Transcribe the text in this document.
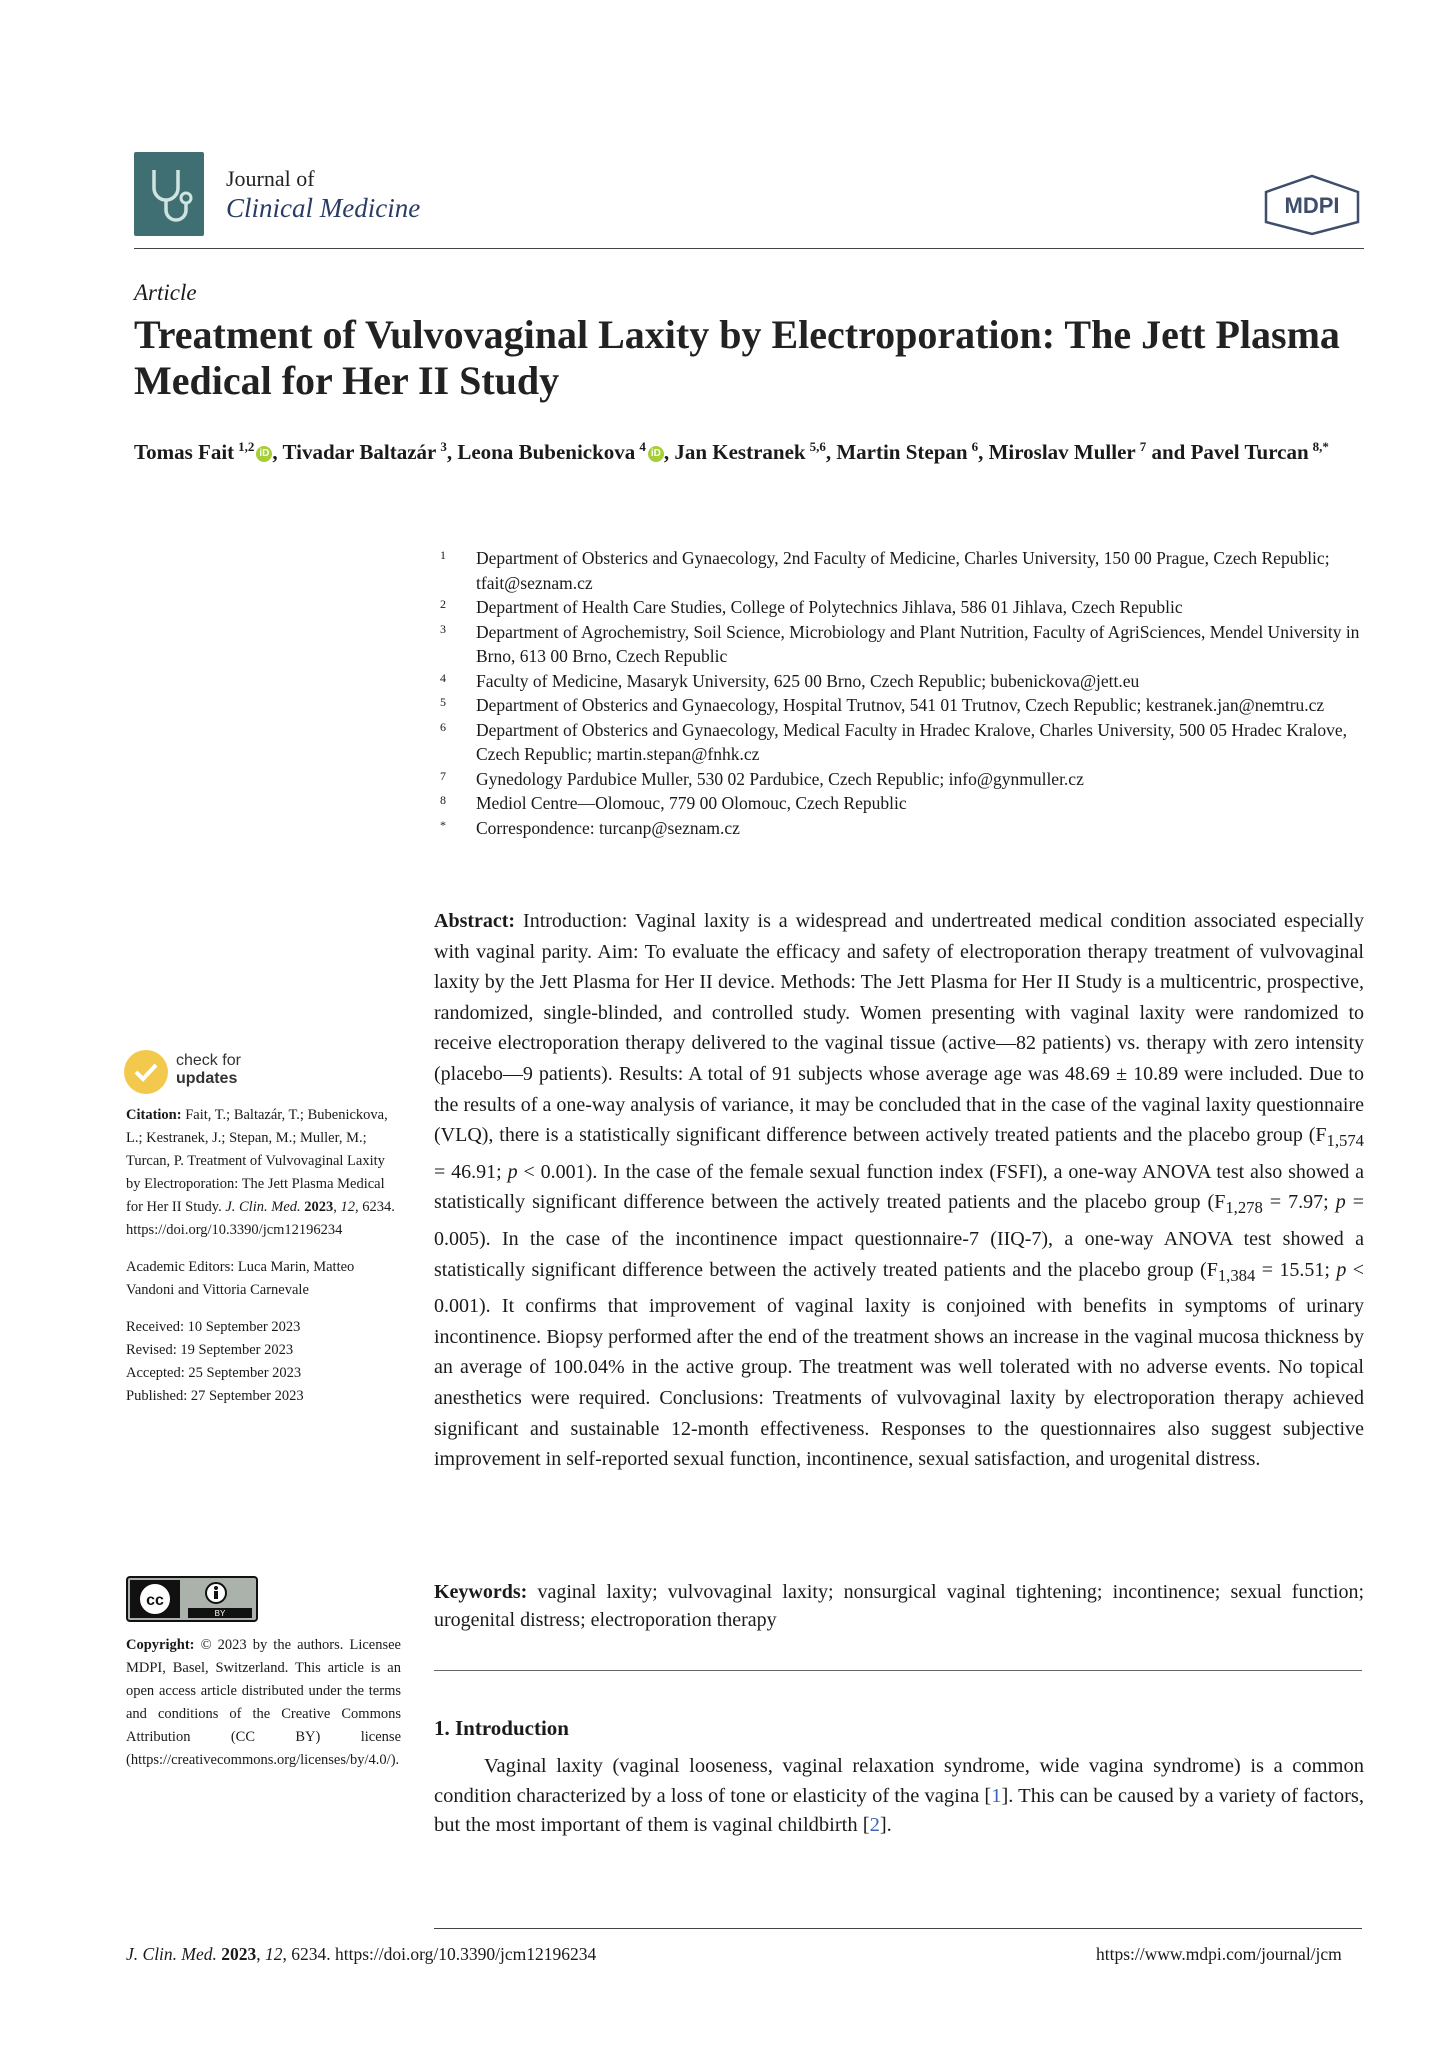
Journal of
Clinical Medicine	MDPI
Article
Treatment of Vulvovaginal Laxity by Electroporation: The Jett Plasma Medical for Her II Study
Tomas Fait $^{1,2}$ iD , Tivadar Baltazár $^3$, Leona Bubenickova $^4$ iD , Jan Kestranek $^{5,6}$, Martin Stepan $^6$, Miroslav Muller $^7$ and Pavel Turcan $^{8,*}$
1	Department of Obsterics and Gynaecology, 2nd Faculty of Medicine, Charles University, 150 00 Prague, Czech Republic; tfait@seznam.cz
2	Department of Health Care Studies, College of Polytechnics Jihlava, 586 01 Jihlava, Czech Republic
3	Department of Agrochemistry, Soil Science, Microbiology and Plant Nutrition, Faculty of AgriSciences, Mendel University in Brno, 613 00 Brno, Czech Republic
4	Faculty of Medicine, Masaryk University, 625 00 Brno, Czech Republic; bubenickova@jett.eu
5	Department of Obsterics and Gynaecology, Hospital Trutnov, 541 01 Trutnov, Czech Republic; kestranek.jan@nemtru.cz
6	Department of Obsterics and Gynaecology, Medical Faculty in Hradec Kralove, Charles University, 500 05 Hradec Kralove, Czech Republic; martin.stepan@fnhk.cz
7	Gynedology Pardubice Muller, 530 02 Pardubice, Czech Republic; info@gynmuller.cz
8	Mediol Centre—Olomouc, 779 00 Olomouc, Czech Republic
*	Correspondence: turcanp@seznam.cz
Abstract: Introduction: Vaginal laxity is a widespread and undertreated medical condition associated especially with vaginal parity. Aim: To evaluate the efficacy and safety of electroporation therapy treatment of vulvovaginal laxity by the Jett Plasma for Her II device. Methods: The Jett Plasma for Her II Study is a multicentric, prospective, randomized, single-blinded, and controlled study. Women presenting with vaginal laxity were randomized to receive electroporation therapy delivered to the vaginal tissue (active—82 patients) vs. therapy with zero intensity (placebo—9 patients). Results: A total of 91 subjects whose average age was 48.69 ± 10.89 were included. Due to the results of a one-way analysis of variance, it may be concluded that in the case of the vaginal laxity questionnaire (VLQ), there is a statistically significant difference between actively treated patients and the placebo group ($F_{1,574} = 46.91$; p < 0.001). In the case of the female sexual function index (FSFI), a one-way ANOVA test also showed a statistically significant difference between the actively treated patients and the placebo group ($F_{1,278} = 7.97$; p = 0.005). In the case of the incontinence impact questionnaire-7 (IIQ-7), a one-way ANOVA test showed a statistically significant difference between the actively treated patients and the placebo group ($F_{1,384} = 15.51$; p < 0.001). It confirms that improvement of vaginal laxity is conjoined with benefits in symptoms of urinary incontinence. Biopsy performed after the end of the treatment shows an increase in the vaginal mucosa thickness by an average of 100.04% in the active group. The treatment was well tolerated with no adverse events. No topical anesthetics were required. Conclusions: Treatments of vulvovaginal laxity by electroporation therapy achieved significant and sustainable 12-month effectiveness. Responses to the questionnaires also suggest subjective improvement in self-reported sexual function, incontinence, sexual satisfaction, and urogenital distress.
Keywords: vaginal laxity; vulvovaginal laxity; nonsurgical vaginal tightening; incontinence; sexual function; urogenital distress; electroporation therapy
1. Introduction
Vaginal laxity (vaginal looseness, vaginal relaxation syndrome, wide vagina syndrome) is a common condition characterized by a loss of tone or elasticity of the vagina [1]. This can be caused by a variety of factors, but the most important of them is vaginal childbirth [2].
check for
updates
Citation: Fait, T.; Baltazár, T.; Bubenickova, L.; Kestranek, J.; Stepan, M.; Muller, M.; Turcan, P. Treatment of Vulvovaginal Laxity by Electroporation: The Jett Plasma Medical for Her II Study. J. Clin. Med. 2023, 12, 6234. https://doi.org/10.3390/jcm12196234
Academic Editors: Luca Marin, Matteo Vandoni and Vittoria Carnevale
Received: 10 September 2023
Revised: 19 September 2023
Accepted: 25 September 2023
Published: 27 September 2023
cc
BY
Copyright: © 2023 by the authors. Licensee MDPI, Basel, Switzerland. This article is an open access article distributed under the terms and conditions of the Creative Commons Attribution (CC BY) license (https://creativecommons.org/licenses/by/4.0/).
J. Clin. Med. 2023, 12, 6234. https://doi.org/10.3390/jcm12196234	https://www.mdpi.com/journal/jcm
